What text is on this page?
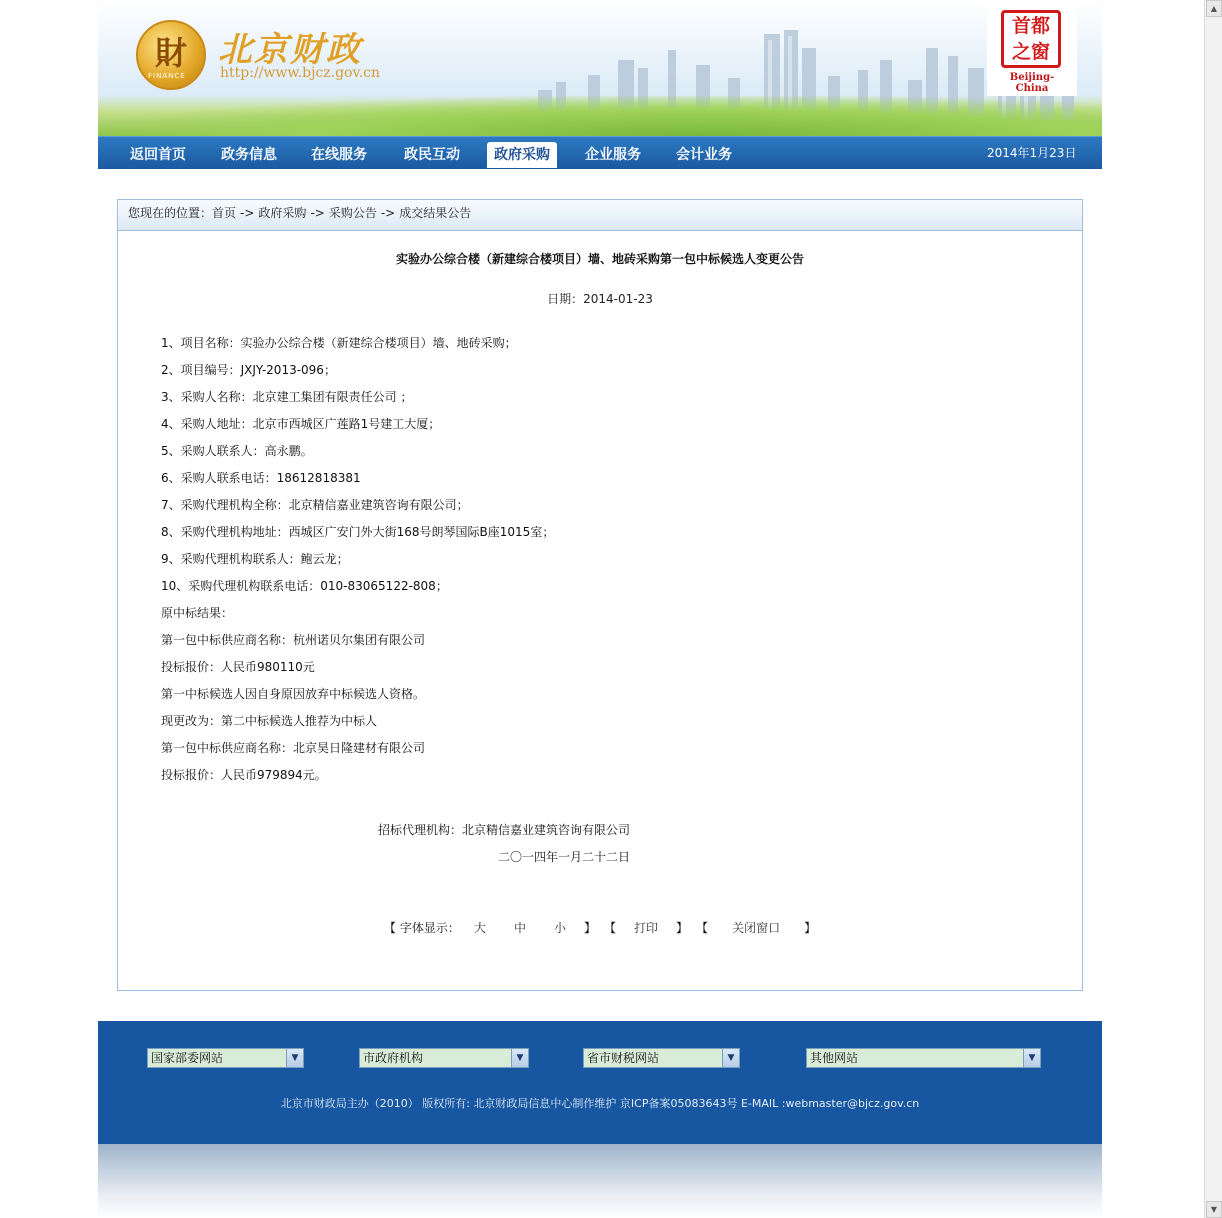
財
FINANCE
北京财政
http://www.bjcz.gov.cn
首都
之窗
Beijing-China
返回首页	政务信息	在线服务	政民互动	政府采购	企业服务	会计业务	2014年1月23日
您现在的位置：首页 -> 政府采购 -> 采购公告 -> 成交结果公告
实验办公综合楼（新建综合楼项目）墙、地砖采购第一包中标候选人变更公告
日期：2014-01-23
1、项目名称：实验办公综合楼（新建综合楼项目）墙、地砖采购；
2、项目编号：JXJY-2013-096；
3、采购人名称：北京建工集团有限责任公司 ；
4、采购人地址：北京市西城区广莲路1号建工大厦；
5、采购人联系人：高永鹏。
6、采购人联系电话：18612818381
7、采购代理机构全称：北京精信嘉业建筑咨询有限公司；
8、采购代理机构地址：西城区广安门外大街168号朗琴国际B座1015室；
9、采购代理机构联系人：鲍云龙；
10、采购代理机构联系电话：010-83065122-808；
原中标结果：
第一包中标供应商名称：杭州诺贝尔集团有限公司
投标报价：人民币980110元
第一中标候选人因自身原因放弃中标候选人资格。
现更改为：第二中标候选人推荐为中标人
第一包中标供应商名称：北京昊日隆建材有限公司
投标报价：人民币979894元。
招标代理机构：北京精信嘉业建筑咨询有限公司
二〇一四年一月二十二日
【 字体显示： 大 中 小 】 【 打印 】 【 关闭窗口 】
国家部委网站	▼	市政府机构	▼	省市财税网站	▼	其他网站	▼
北京市财政局主办（2010） 版权所有: 北京财政局信息中心制作维护 京ICP备案05083643号 E-MAIL :webmaster@bjcz.gov.cn
▲
▼
